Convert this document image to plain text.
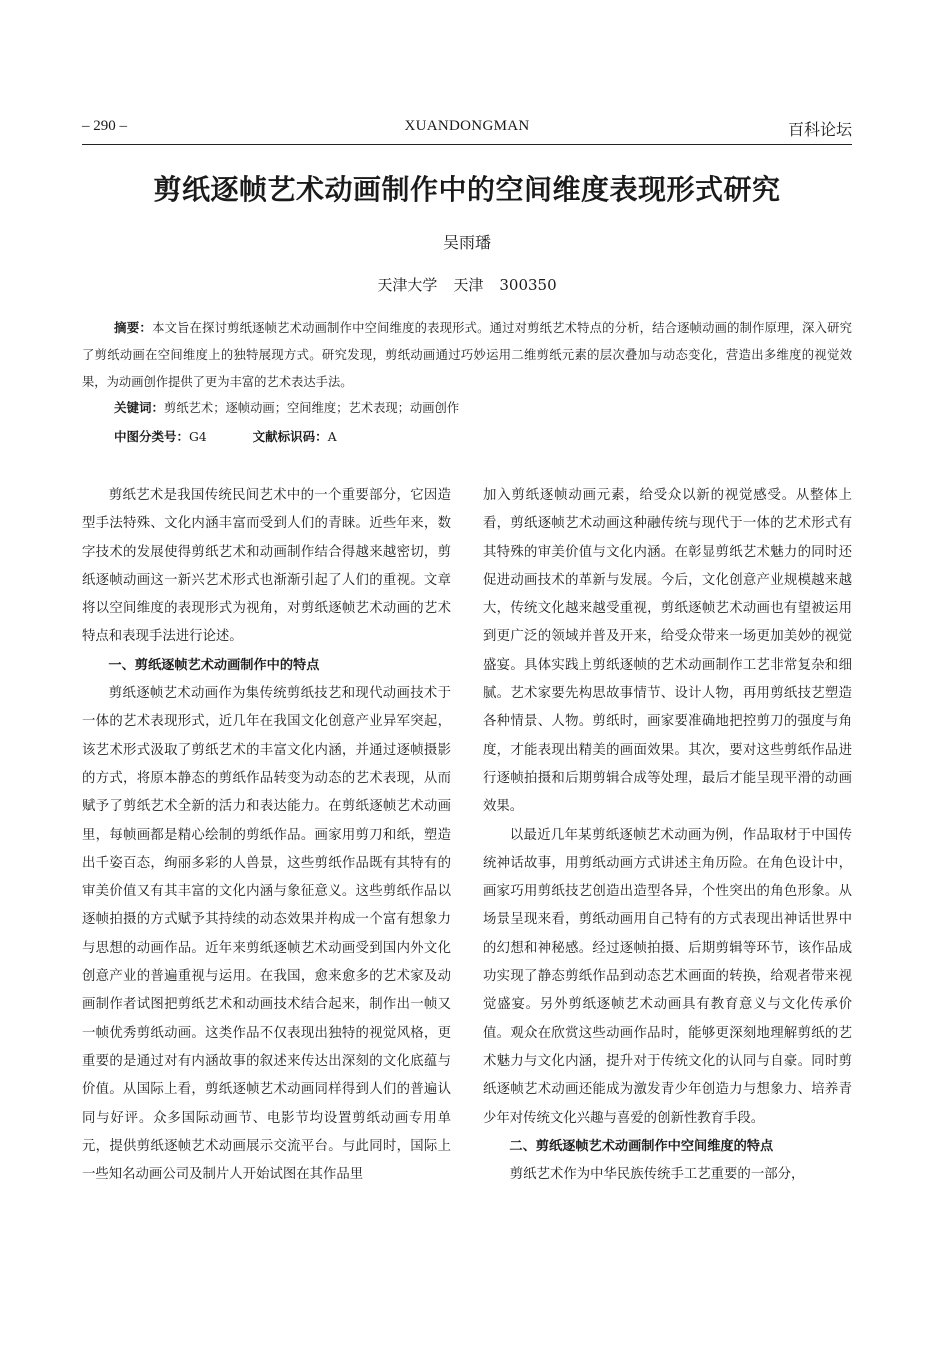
– 290 –	XUANDONGMAN	百科论坛
剪纸逐帧艺术动画制作中的空间维度表现形式研究
吴雨璠
天津大学 天津 300350
摘要：本文旨在探讨剪纸逐帧艺术动画制作中空间维度的表现形式。通过对剪纸艺术特点的分析，结合逐帧动画的制作原理，深入研究了剪纸动画在空间维度上的独特展现方式。研究发现，剪纸动画通过巧妙运用二维剪纸元素的层次叠加与动态变化，营造出多维度的视觉效果，为动画创作提供了更为丰富的艺术表达手法。
关键词：剪纸艺术；逐帧动画；空间维度；艺术表现；动画创作
中图分类号：G4	文献标识码：A

剪纸艺术是我国传统民间艺术中的一个重要部分，它因造型手法特殊、文化内涵丰富而受到人们的青睐。近些年来，数字技术的发展使得剪纸艺术和动画制作结合得越来越密切，剪纸逐帧动画这一新兴艺术形式也渐渐引起了人们的重视。文章将以空间维度的表现形式为视角，对剪纸逐帧艺术动画的艺术特点和表现手法进行论述。

一、剪纸逐帧艺术动画制作中的特点

剪纸逐帧艺术动画作为集传统剪纸技艺和现代动画技术于一体的艺术表现形式，近几年在我国文化创意产业异军突起，该艺术形式汲取了剪纸艺术的丰富文化内涵，并通过逐帧摄影的方式，将原本静态的剪纸作品转变为动态的艺术表现，从而赋予了剪纸艺术全新的活力和表达能力。在剪纸逐帧艺术动画里，每帧画都是精心绘制的剪纸作品。画家用剪刀和纸，塑造出千姿百态，绚丽多彩的人兽景，这些剪纸作品既有其特有的审美价值又有其丰富的文化内涵与象征意义。这些剪纸作品以逐帧拍摄的方式赋予其持续的动态效果并构成一个富有想象力与思想的动画作品。近年来剪纸逐帧艺术动画受到国内外文化创意产业的普遍重视与运用。在我国，愈来愈多的艺术家及动画制作者试图把剪纸艺术和动画技术结合起来，制作出一帧又一帧优秀剪纸动画。这类作品不仅表现出独特的视觉风格，更重要的是通过对有内涵故事的叙述来传达出深刻的文化底蕴与价值。从国际上看，剪纸逐帧艺术动画同样得到人们的普遍认同与好评。众多国际动画节、电影节均设置剪纸动画专用单元，提供剪纸逐帧艺术动画展示交流平台。与此同时，国际上一些知名动画公司及制片人开始试图在其作品里

加入剪纸逐帧动画元素，给受众以新的视觉感受。从整体上看，剪纸逐帧艺术动画这种融传统与现代于一体的艺术形式有其特殊的审美价值与文化内涵。在彰显剪纸艺术魅力的同时还促进动画技术的革新与发展。今后，文化创意产业规模越来越大，传统文化越来越受重视，剪纸逐帧艺术动画也有望被运用到更广泛的领域并普及开来，给受众带来一场更加美妙的视觉盛宴。具体实践上剪纸逐帧的艺术动画制作工艺非常复杂和细腻。艺术家要先构思故事情节、设计人物，再用剪纸技艺塑造各种情景、人物。剪纸时，画家要准确地把控剪刀的强度与角度，才能表现出精美的画面效果。其次，要对这些剪纸作品进行逐帧拍摄和后期剪辑合成等处理，最后才能呈现平滑的动画效果。

以最近几年某剪纸逐帧艺术动画为例，作品取材于中国传统神话故事，用剪纸动画方式讲述主角历险。在角色设计中，画家巧用剪纸技艺创造出造型各异，个性突出的角色形象。从场景呈现来看，剪纸动画用自己特有的方式表现出神话世界中的幻想和神秘感。经过逐帧拍摄、后期剪辑等环节，该作品成功实现了静态剪纸作品到动态艺术画面的转换，给观者带来视觉盛宴。另外剪纸逐帧艺术动画具有教育意义与文化传承价值。观众在欣赏这些动画作品时，能够更深刻地理解剪纸的艺术魅力与文化内涵，提升对于传统文化的认同与自豪。同时剪纸逐帧艺术动画还能成为激发青少年创造力与想象力、培养青少年对传统文化兴趣与喜爱的创新性教育手段。

二、剪纸逐帧艺术动画制作中空间维度的特点

剪纸艺术作为中华民族传统手工艺重要的一部分，
